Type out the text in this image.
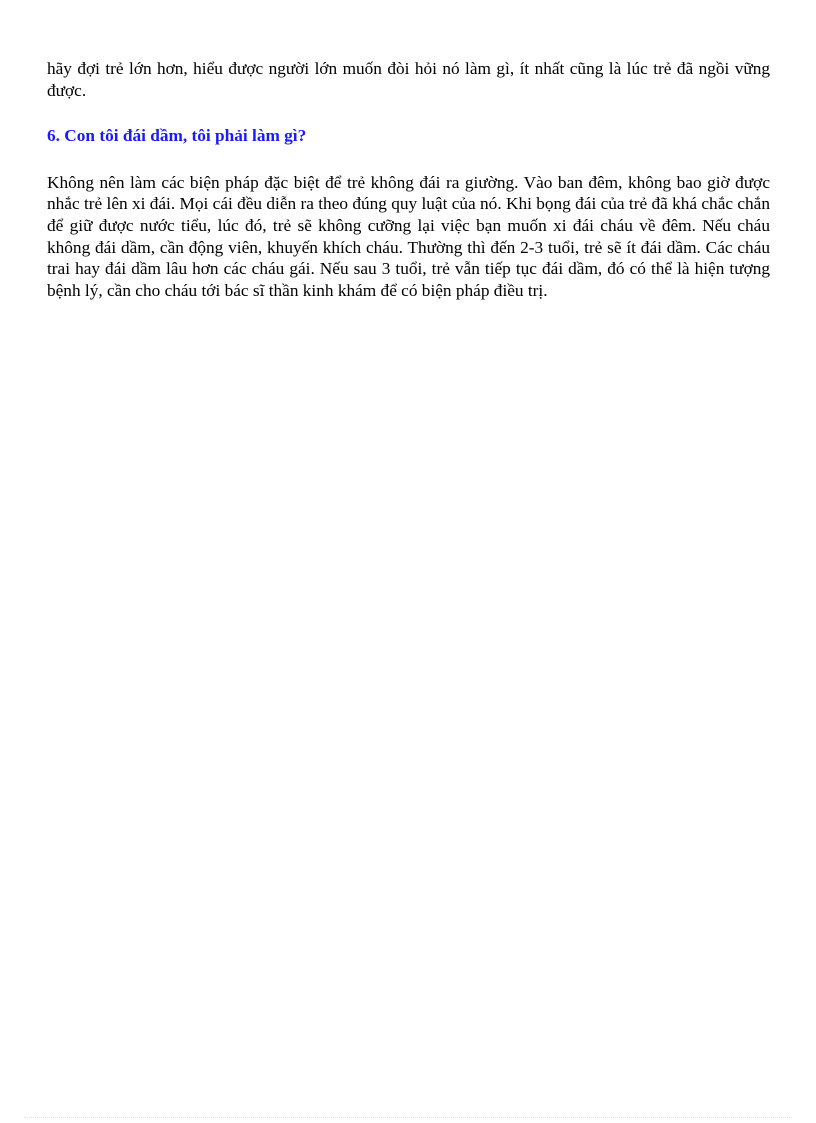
hãy đợi trẻ lớn hơn, hiểu được người lớn muốn đòi hỏi nó làm gì, ít nhất cũng là lúc trẻ đã ngồi vững được.

6. Con tôi đái dầm, tôi phải làm gì?

Không nên làm các biện pháp đặc biệt để trẻ không đái ra giường. Vào ban đêm, không bao giờ được nhắc trẻ lên xi đái. Mọi cái đều diễn ra theo đúng quy luật của nó. Khi bọng đái của trẻ đã khá chắc chắn để giữ được nước tiểu, lúc đó, trẻ sẽ không cưỡng lại việc bạn muốn xi đái cháu về đêm. Nếu cháu không đái dầm, cần động viên, khuyến khích cháu. Thường thì đến 2-3 tuổi, trẻ sẽ ít đái dầm. Các cháu trai hay đái dầm lâu hơn các cháu gái. Nếu sau 3 tuổi, trẻ vẫn tiếp tục đái dầm, đó có thể là hiện tượng bệnh lý, cần cho cháu tới bác sĩ thần kinh khám để có biện pháp điều trị.
